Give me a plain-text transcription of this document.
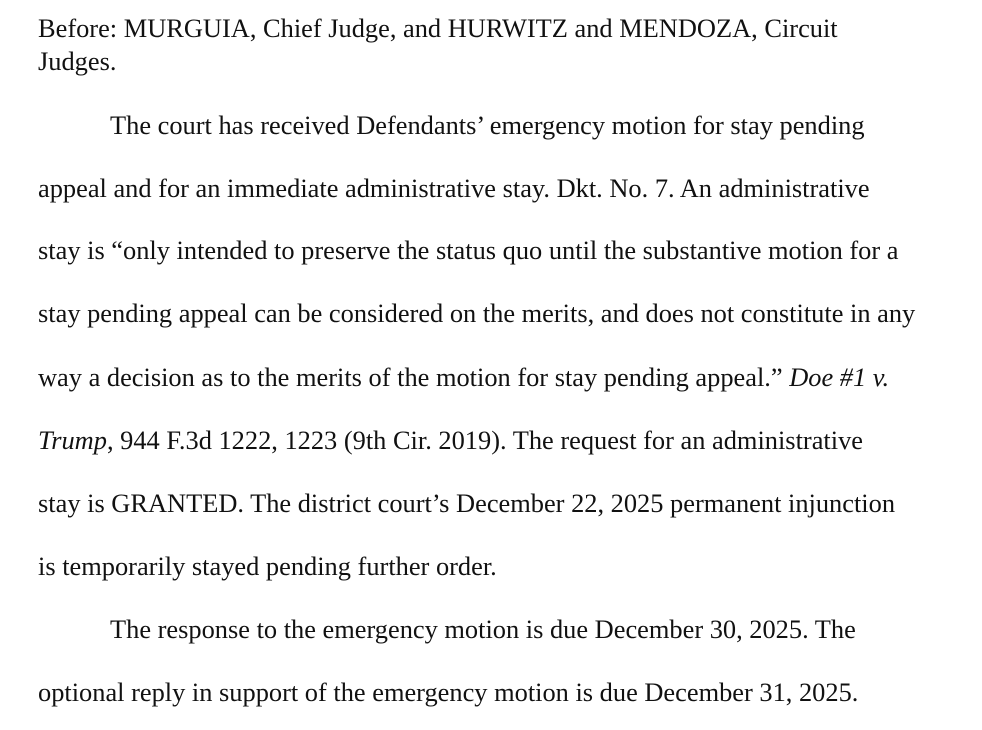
Before: MURGUIA, Chief Judge, and HURWITZ and MENDOZA, Circuit
Judges.
The court has received Defendants’ emergency motion for stay pending
appeal and for an immediate administrative stay. Dkt. No. 7. An administrative
stay is “only intended to preserve the status quo until the substantive motion for a
stay pending appeal can be considered on the merits, and does not constitute in any
way a decision as to the merits of the motion for stay pending appeal.” Doe #1 v.
Trump, 944 F.3d 1222, 1223 (9th Cir. 2019). The request for an administrative
stay is GRANTED. The district court’s December 22, 2025 permanent injunction
is temporarily stayed pending further order.
The response to the emergency motion is due December 30, 2025. The
optional reply in support of the emergency motion is due December 31, 2025.
